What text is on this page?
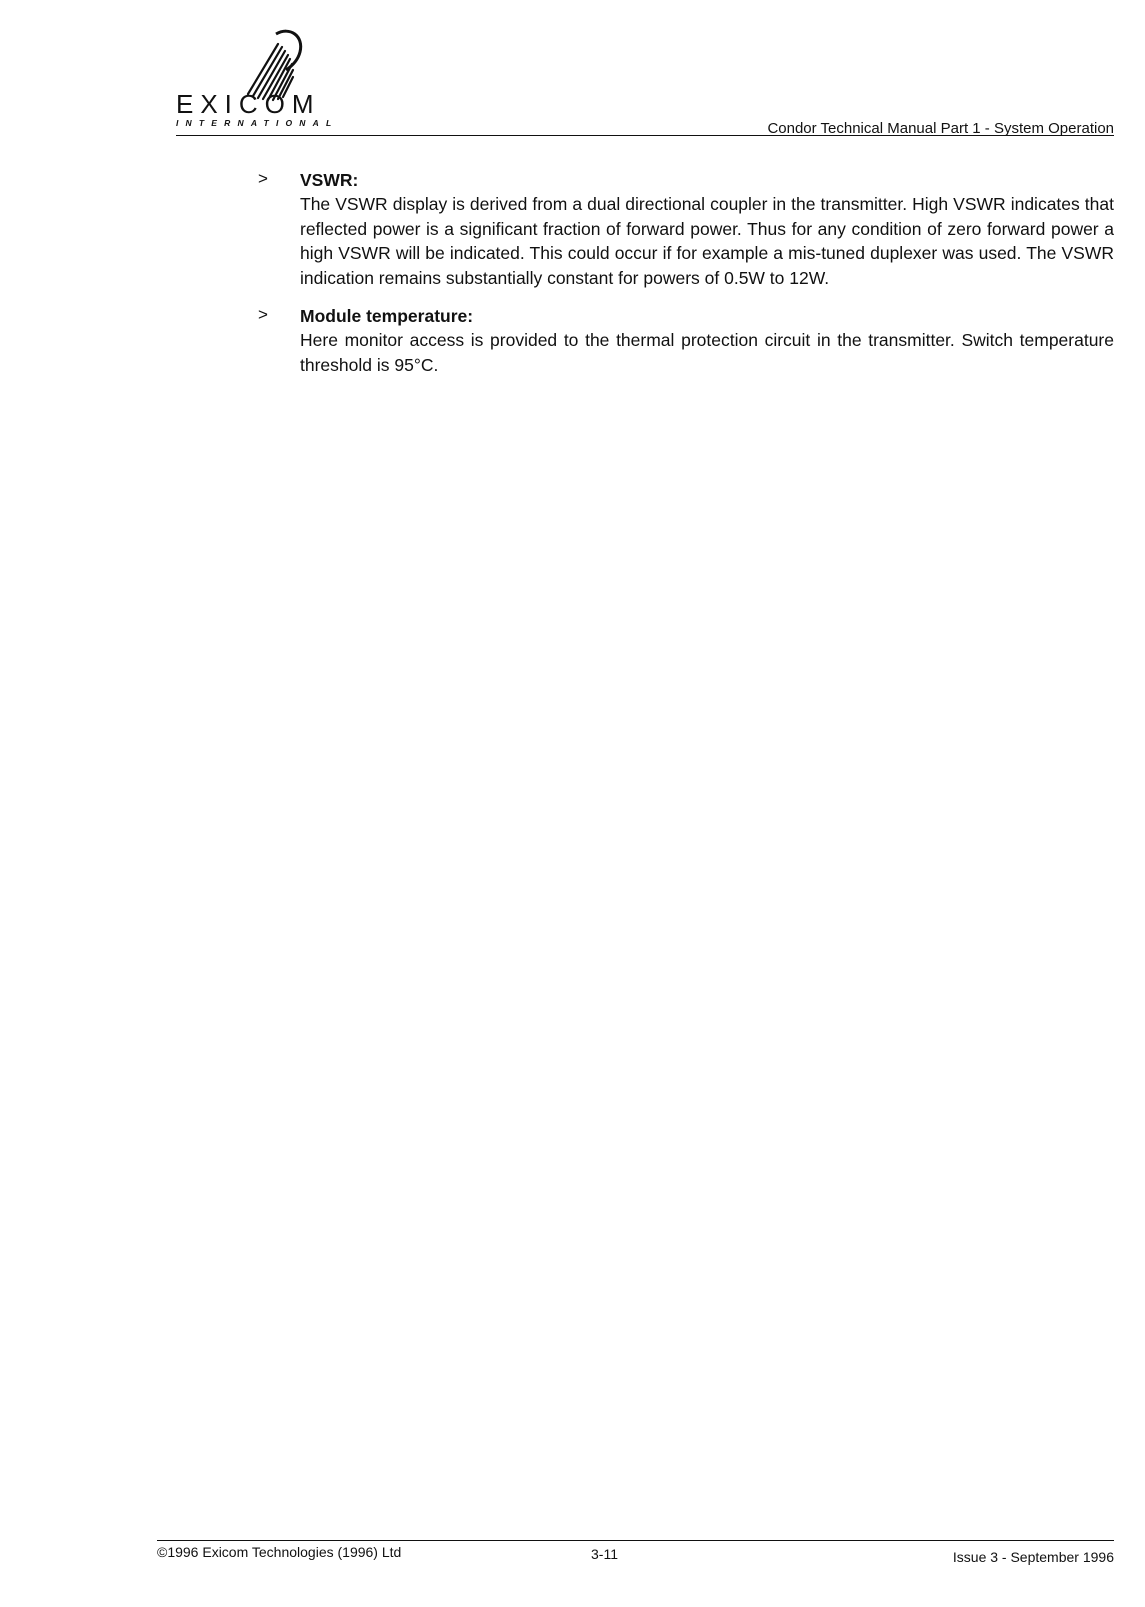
EXICOM
INTERNATIONAL	Condor Technical Manual Part 1 - System Operation
> VSWR:
The VSWR display is derived from a dual directional coupler in the transmitter. High VSWR indicates that reflected power is a significant fraction of forward power. Thus for any condition of zero forward power a high VSWR will be indicated. This could occur if for example a mis-tuned duplexer was used. The VSWR indication remains substantially constant for powers of 0.5W to 12W.
> Module temperature:
Here monitor access is provided to the thermal protection circuit in the transmitter. Switch temperature threshold is 95°C.
©1996 Exicom Technologies (1996) Ltd	3-11	Issue 3 - September 1996
